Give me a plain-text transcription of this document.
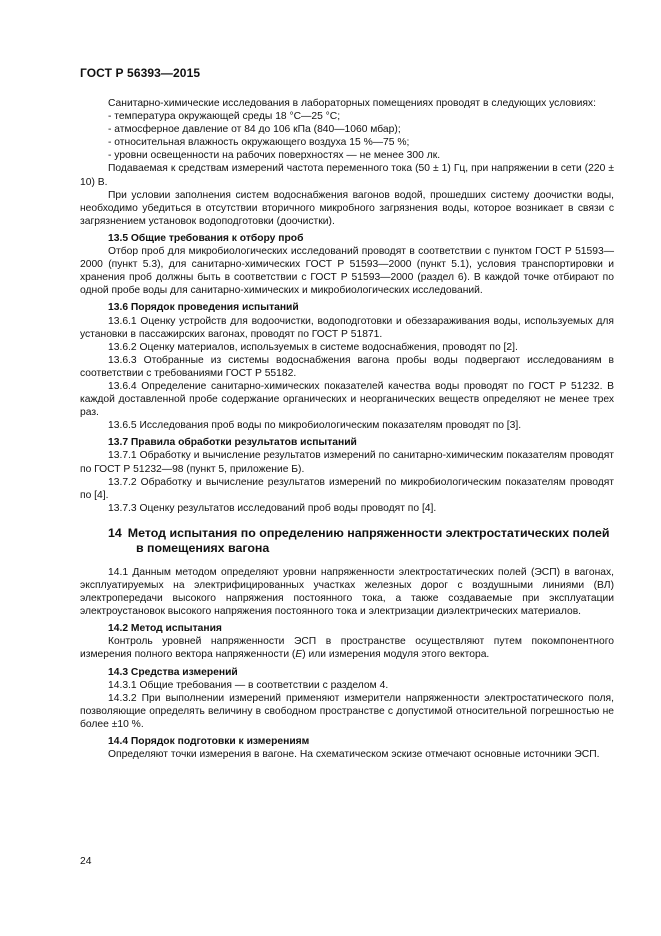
ГОСТ Р 56393—2015

Санитарно-химические исследования в лабораторных помещениях проводят в следующих условиях:

- температура окружающей среды 18 °С—25 °С;

- атмосферное давление от 84 до 106 кПа (840—1060 мбар);

- относительная влажность окружающего воздуха 15 %—75 %;

- уровни освещенности на рабочих поверхностях — не менее 300 лк.

Подаваемая к средствам измерений частота переменного тока (50 ± 1) Гц, при напряжении в сети (220 ± 10) В.

При условии заполнения систем водоснабжения вагонов водой, прошедших систему доочистки воды, необходимо убедиться в отсутствии вторичного микробного загрязнения воды, которое возникает в связи с загрязнением установок водоподготовки (доочистки).

13.5 Общие требования к отбору проб

Отбор проб для микробиологических исследований проводят в соответствии с пунктом ГОСТ Р 51593—2000 (пункт 5.3), для санитарно-химических ГОСТ Р 51593—2000 (пункт 5.1), условия транспортировки и хранения проб должны быть в соответствии с ГОСТ Р 51593—2000 (раздел 6). В каждой точке отбирают по одной пробе воды для санитарно-химических и микробиологических исследований.

13.6 Порядок проведения испытаний

13.6.1 Оценку устройств для водоочистки, водоподготовки и обеззараживания воды, используемых для установки в пассажирских вагонах, проводят по ГОСТ Р 51871.

13.6.2 Оценку материалов, используемых в системе водоснабжения, проводят по [2].

13.6.3 Отобранные из системы водоснабжения вагона пробы воды подвергают исследованиям в соответствии с требованиями ГОСТ Р 55182.

13.6.4 Определение санитарно-химических показателей качества воды проводят по ГОСТ Р 51232. В каждой доставленной пробе содержание органических и неорганических веществ определяют не менее трех раз.

13.6.5 Исследования проб воды по микробиологическим показателям проводят по [3].

13.7 Правила обработки результатов испытаний

13.7.1 Обработку и вычисление результатов измерений по санитарно-химическим показателям проводят по ГОСТ Р 51232—98 (пункт 5, приложение Б).

13.7.2 Обработку и вычисление результатов измерений по микробиологическим показателям проводят по [4].

13.7.3 Оценку результатов исследований проб воды проводят по [4].

14 Метод испытания по определению напряженности электростатических полей в помещениях вагона

14.1 Данным методом определяют уровни напряженности электростатических полей (ЭСП) в вагонах, эксплуатируемых на электрифицированных участках железных дорог с воздушными линиями (ВЛ) электропередачи высокого напряжения постоянного тока, а также создаваемые при эксплуатации электроустановок высокого напряжения постоянного тока и электризации диэлектрических материалов.

14.2 Метод испытания

Контроль уровней напряженности ЭСП в пространстве осуществляют путем покомпонентного измерения полного вектора напряженности (E) или измерения модуля этого вектора.

14.3 Средства измерений

14.3.1 Общие требования — в соответствии с разделом 4.

14.3.2 При выполнении измерений применяют измерители напряженности электростатического поля, позволяющие определять величину в свободном пространстве с допустимой относительной погрешностью не более ±10 %.

14.4 Порядок подготовки к измерениям

Определяют точки измерения в вагоне. На схематическом эскизе отмечают основные источники ЭСП.

24
